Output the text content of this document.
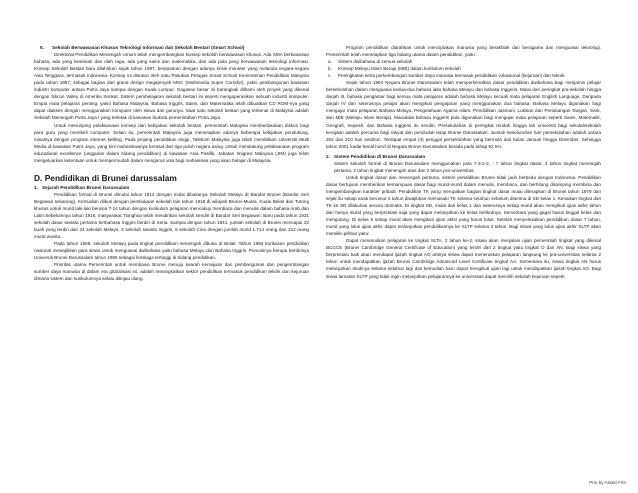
5. Sekolah Berwawasan Khusus Teknologi Informasi dan Sekolah Bestari (Smart School)

Direktorat Pendidikan Menengah Umum telah mengembangkan konsep sekolah berwawasan khusus. Ada SMA berbawasan bahasa, ada yang kesenian dan olah raga, ada yang sains dan matematika, dan ada pula yang berwawasan teknologi informasi. Konsep Sekolah Bestari baru dilahirkan sejak tahun 1997, berpatokan dengan adanya krisis moneter yang melanda negara-negara Asia Tenggara, termasuk Indonesia. Konsep ini disusun oleh satu Pasukan Petugas Smart School Kementerian Pendidikan Malaysia pada tahun 1997, sebagai bagian dari grand design megaproyek MSC (Multimedia Super Corridor), yakni pembangunan kawasan industri komputer antara Putra Jaya sampai dengan Kuala Lumpur. Gagasan besar ini barangkali dilhami oleh proyek yang dikenal dengan Silicon Valley di Amerika Serikat. Sistem pembelajaran sekolah bestari ini seperti mengoperasikan sebuah industri komputer. Empat mata pelajaran penting, yakni Bahasa Malaysia, Bahasa Inggris, Sains, dan Matematika telah dibuatkan CD ROM-nya yang dapat diakses dengan menggunakan komputer oleh siswa dan gurunya. Saat satu sekolah bestari yang terkenal di Malaysia adalah Sekolah Menengah Putra Jaya I yang terletak di kawasan ibukota pemerintahan Putra Jaya.

Untuk menunjang pelaksanaan konsep dan kebijakan sekolah bestari, pemerintah Malaysia memberlakukan diskon bagi para guru yang membeli computer. Selain itu, pemerintah Malaysia juga menerapkan adanya beberapa kebijakan pendukung, misalnya dengan program internet keliling. Pada jenjang pendidikan tinggi, Telekom Malaysia juga telah mendirikan Universiti Multi Media di kawasan Putra Jaya, yang kini mahasiswanya berasal dari tiga puluh negara asing. Untuk mendukung pelaksanaan program educational excellence (unggulan dalam bidang pendidikan) di kawasan Asia Pasifik, Jabatan Imigresi Malaysia (JIM) juga telah mengeluarkan ketentuan untuk mempermudah dalam mengurus visa bagi mahasiswa yang akan belajar di Malaysia.

D. Pendidikan di Brunei darussalam
1. Sejarah Pendidikan Brunei Darussalam

Pendidikan formal di Brunei dimulai tahun 1912 dengan mulai dibukanya Sekolah Melayu di Bandar Brunei (Bandar Seri Begawan sekarang). Kemudian diikuti dengan pembukaan sekolah lain tahun 1918 di wilayah Brunei-Muara, Kuala Belait dan Tutong khusus untuk murid laki-laki berusia 7-14 tahun dengan kurikulum pelajaran mencakup membaca dan menulis dalam bahasa Arab dan Latin.Sebelumnya tahun 1916, masyarakat Tionghoa telah mendirikan sekolah sendiri di Bandar Seri Begawan. Baru pada tahun 1931 sekolah dasar swasta pertama berbahasa Inggris berdiri di Seria. Sampai dengan tahun 1941, jumlah sekolah di Brunei mencapai 32 buah yang terdiri dari 24 sekolah Melayu, 3 sekolah swasta Inggris, 5 sekolah Cina dengan jumlah murid 1.714 orang dan 312 orang murid wanita.

Pada tahun 1966, sekolah Melayu pada tingkat pendidikan menengah dibuka di Belait. Tahun 1984 kurikulum pendidikan nasional mewajibkan para siswa untuk menguasai dwibahasa yaitu bahasa Melayu dan Bahasa Inggris. Puncaknya berupa berdirinya Universiti Brunei Darussalam tahun 1985 sebagai lembaga tertinggi di bidang pendidikan.

Prioritas utama Pemerintah untuk membawa Brunei menuju kearah kemajuan dan pembangunan dan pengembangan sumber daya manusia di dalam era globalisasi ini, adalah meningkatkan sektor pendidikan termasuk pendidikan teknik dan kejuruan dimana sistem dan kurikulumnya selalu ditinjau ulang.

Program pendidikan diarahkan untuk menciptakan manusia yang berakhlak dan beragama dan menguasai teknologi. Pemerintah telah menetapkan tiga bidang utama dalam pendidikan, yaitu :

a.	Sistem dwibahasa di semua sekolah
b.	Konsep Melayu Islam Beraja (MIB) dalam kurikulum sekolah
c.	Peningkatan serta perkembangan sumber daya manusia termasuk pendidikan vokasional (kejuruan) dan teknik.

Sejak tahun 1984 Negara Brunei Darussalam telah memperkenalkan dasar pendidikan dwibahasa bagi menjamin pelajar berkebolehan dalam menguasai kedua-dua bahasa iaitu bahasa Melayu dan bahasa Inggeris. Mulai dari peringkat pra-sekolah hingga darjah III, bahasa pengantar bagi semua mata pelajaran adalah bahasa Melayu kecuali mata pelajaran English Language. Daripada darjah IV dan seterusnya pelajar akan mengikuti pengajaran yang menggunakan dua bahasa. Bahasa Melayu digunakan bagi mengajar mata pelajaran Bahasa Melayu, Pengetahuan Agama Islam, Pendidikan Jasmani, Lukisan dan Pertukangan Tangan, Sivik, dan MIB (Melayu Islam Beraja). Manakala bahasa Inggeris pula digunakan bagi mengajar mata pelajaran seperti Sains, Matematik, Geografi, Sejarah, dan Bahasa Inggeris itu sendiri. Persekolahan di peringkat rendah hingga lah universiti bagi sekolahsekolah kerajaan adalah percuma bagi rakyat dan penduduk tetap Brunei Darussalam. Jumlah keseluruhan hari persekolahan adalah antara 202 dan 210 hari setahun. Terdapat empat (4) penggal persekolahan yang bermula dari bulan Januari hingga Disember. Sehingga tahun 2001 kadar kenal huruf di Negara Brunei Darussalam berada pada tahap 92.5%.

2. Sistem Pendidikan di Brunei Darussalam

Sistem sekolah formal di Brunei Darussalam menggunakan pola 7-3-2-2, : 7 tahun tingkat dasar, 3 tahun tingkat menengah pertama, 2 tahun tingkat menengah atas dan 2 tahun pra-universitas.

Untuk tingkat dasar dan menengah pertama, sistem pendidikan Brunei tidak jauh berbeda dengan Indonesia. Pendidikan dasar bertujuan memberikan kemampuan dasar bagi murid-murid dalam menulis, membaca, dan berhitung disamping membina dan mengembangkan karakter pribadi. Pendidikan TK yang merupakan bagian tingkat dasar mulai diterapkan di Brunei tahun 1979 dan sejak itu setiap anak berumur 5 tahun diwajibkan memasuki TK selama setahun sebelum diterima di SD kelas 1. Kenaikan tingkat dari TK ke SD dilakukan secara otomatis. Di tingkat SD, mulai dari kelas 1 dan seterusnya setiap murid akan mengikuti ujian akhir tahun dan hanya murid yang berprestasi saja yang dapat melanjutkan ke kelas berikutnya. Sementara yang gagal harus tinggal kelas dan mengulang. Di kelas 6 setiap murid akan mengikuti ujian akhir yang harus lulus. Setelah menyelesaikan pendidikan dasar 7 tahun, murid yang lulus ujian akhir dapat melanjutkan pendidikannya ke SLTP selama 3 tahun. Bagi siswa yang lulus ujian akhir SLTP akan memiliki pilihan yaitu:

Dapat meneruskan pelajaran ke tingkat SLTA, 2 tahun ke-2, siswa akan menjalani ujian pemerintah tingkat yang dikenal BCGCE (Brunei Cambridge General Certificate of Education) yang terdiri dari 2 tingkat yaitu tingkat O dan AN. Bagi siswa yang berprestasi baik akan mendapat ijazah tingkat AO artinya siswa dapat meneruskan pelajaran langsung ke pra-universitas selama 2 tahun untuk mendapatkan ijazah Brunei Cambridge Advanced Level Certificate tingkat AA. Sementara itu, siswa tingkat AN harus melanjutkan studinya selama setahun lagi dan kemudian baru dapat mengikuti ujian lagi untuk mendapatkan ijazah tingkat AO. Bagi siswa lamatan SLTP yang tidak ingin melanjutkan pelajarannya ke universitas dapat memilih sekolah kejuruan seperti

Prin by Asiaki Firn
